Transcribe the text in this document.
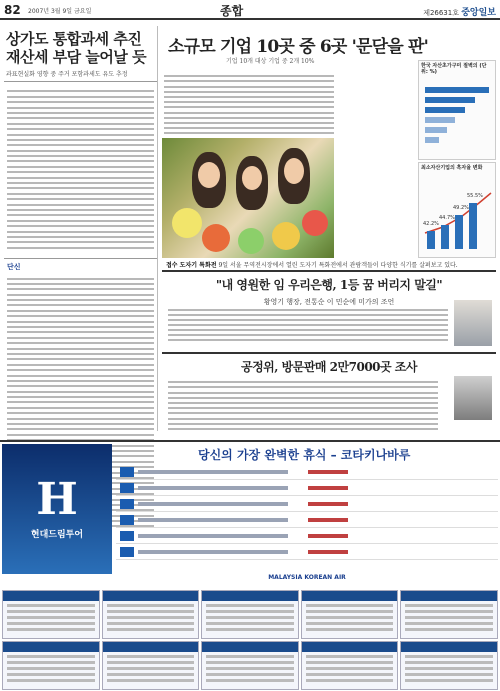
82 2007년 3월 9일 금요일	종합	제26631호 중앙일보
상가도 통합과세 추진
재산세 부담 늘어날 듯
과표현실화 영향 중 주거 포함과세도 유도 추정
단신
소규모 기업 10곳 중 6곳 '문닫을 판'
기업 10개 대상 기업 중 2개 10%
한국 자산초가구미 절벽의 (단위: %)
최소자산기업의 흑자율 변화
42.2%
44.7%
49.2%
55.5%
접수 도자기 특화전 9일 서울 무역전시장에서 열린 도자기 특화전에서 관람객들이 다양한 식기를 살펴보고 있다.
"내 영원한 임 우리은행, 1등 꿈 버리지 말길"
황영기 행장, 전통순 이 민순에 미가의 조언
공정위, 방문판매 2만7000곳 조사
H
현대드림투어
당신의 가장 완벽한 휴식 – 코타키나바루
MALAYSIA KOREAN AIR
